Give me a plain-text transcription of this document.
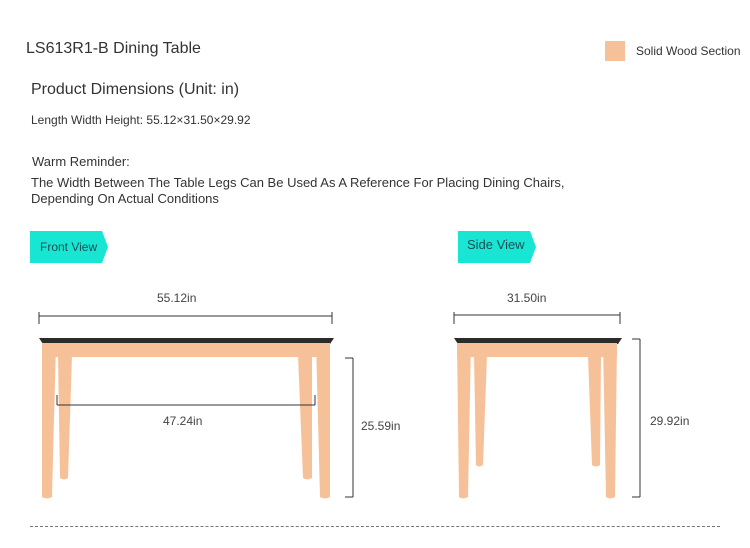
LS613R1-B Dining Table	Solid Wood Section
Product Dimensions (Unit: in)
Length Width Height: 55.12×31.50×29.92
Warm Reminder:
The Width Between The Table Legs Can Be Used As A Reference For Placing Dining Chairs,
Depending On Actual Conditions
Front View	Side View
55.12in
47.24in	25.59in
31.50in
29.92in
